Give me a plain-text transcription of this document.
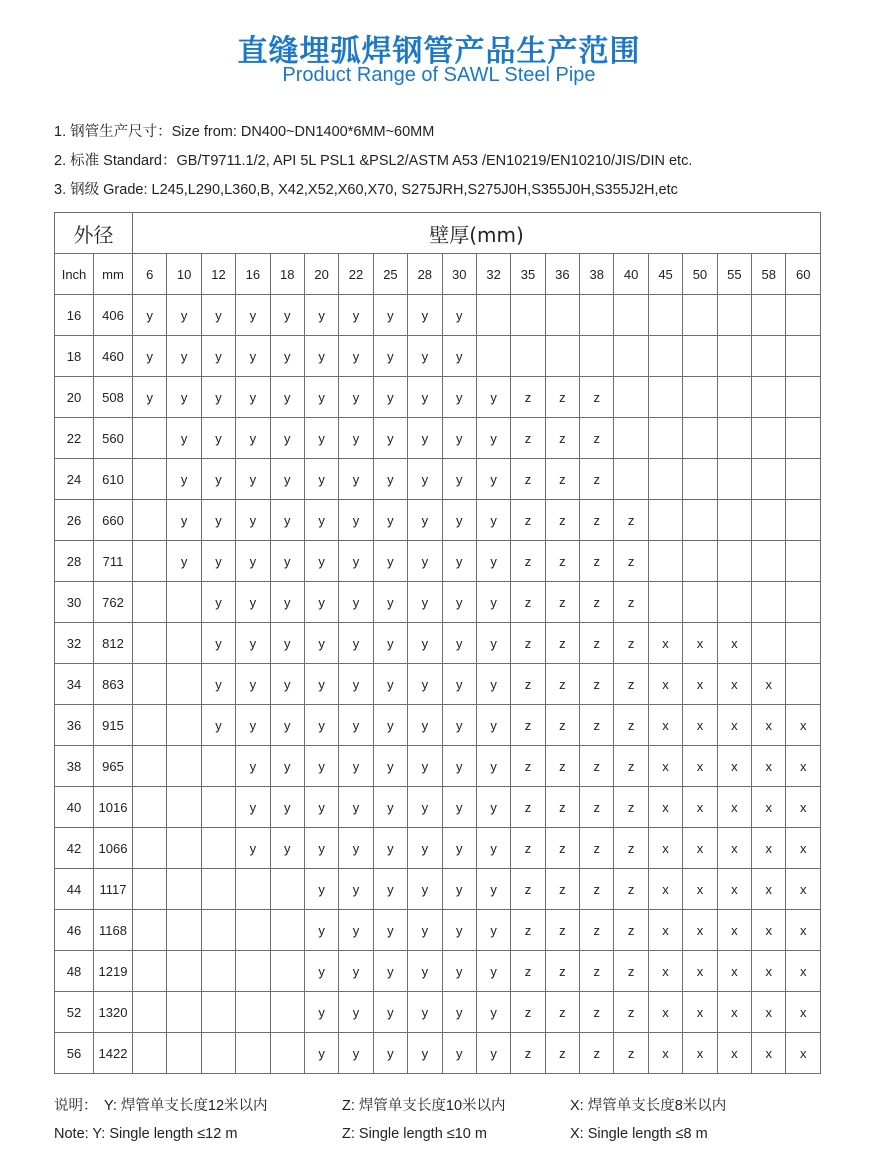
直缝埋弧焊钢管产品生产范围
Product Range of SAWL Steel Pipe
1. 钢管生产尺寸：Size from: DN400~DN1400*6MM~60MM
2. 标准 Standard：GB/T9711.1/2, API 5L PSL1 &PSL2/ASTM A53 /EN10219/EN10210/JIS/DIN etc.
3. 钢级 Grade: L245,L290,L360,B, X42,X52,X60,X70, S275JRH,S275J0H,S355J0H,S355J2H,etc
外径		壁厚(mm)																			
Inch	mm	6	10	12	16	18	20	22	25	28	30	32	35	36	38	40	45	50	55	58	60
16	406	y	y	y	y	y	y	y	y	y	y										
18	460	y	y	y	y	y	y	y	y	y	y										
20	508	y	y	y	y	y	y	y	y	y	y	y	z	z	z						
22	560		y	y	y	y	y	y	y	y	y	y	z	z	z						
24	610		y	y	y	y	y	y	y	y	y	y	z	z	z						
26	660		y	y	y	y	y	y	y	y	y	y	z	z	z	z					
28	711		y	y	y	y	y	y	y	y	y	y	z	z	z	z					
30	762			y	y	y	y	y	y	y	y	y	z	z	z	z					
32	812			y	y	y	y	y	y	y	y	y	z	z	z	z	x	x	x		
34	863			y	y	y	y	y	y	y	y	y	z	z	z	z	x	x	x	x	
36	915			y	y	y	y	y	y	y	y	y	z	z	z	z	x	x	x	x	x
38	965				y	y	y	y	y	y	y	y	z	z	z	z	x	x	x	x	x
40	1016				y	y	y	y	y	y	y	y	z	z	z	z	x	x	x	x	x
42	1066				y	y	y	y	y	y	y	y	z	z	z	z	x	x	x	x	x
44	1117						y	y	y	y	y	y	z	z	z	z	x	x	x	x	x
46	1168						y	y	y	y	y	y	z	z	z	z	x	x	x	x	x
48	1219						y	y	y	y	y	y	z	z	z	z	x	x	x	x	x
52	1320						y	y	y	y	y	y	z	z	z	z	x	x	x	x	x
56	1422						y	y	y	y	y	y	z	z	z	z	x	x	x	x	x
说明： Y: 焊管单支长度12米以内	Z: 焊管单支长度10米以内	X: 焊管单支长度8米以内
Note: Y: Single length ≤12 m	Z: Single length ≤10 m	X: Single length ≤8 m
